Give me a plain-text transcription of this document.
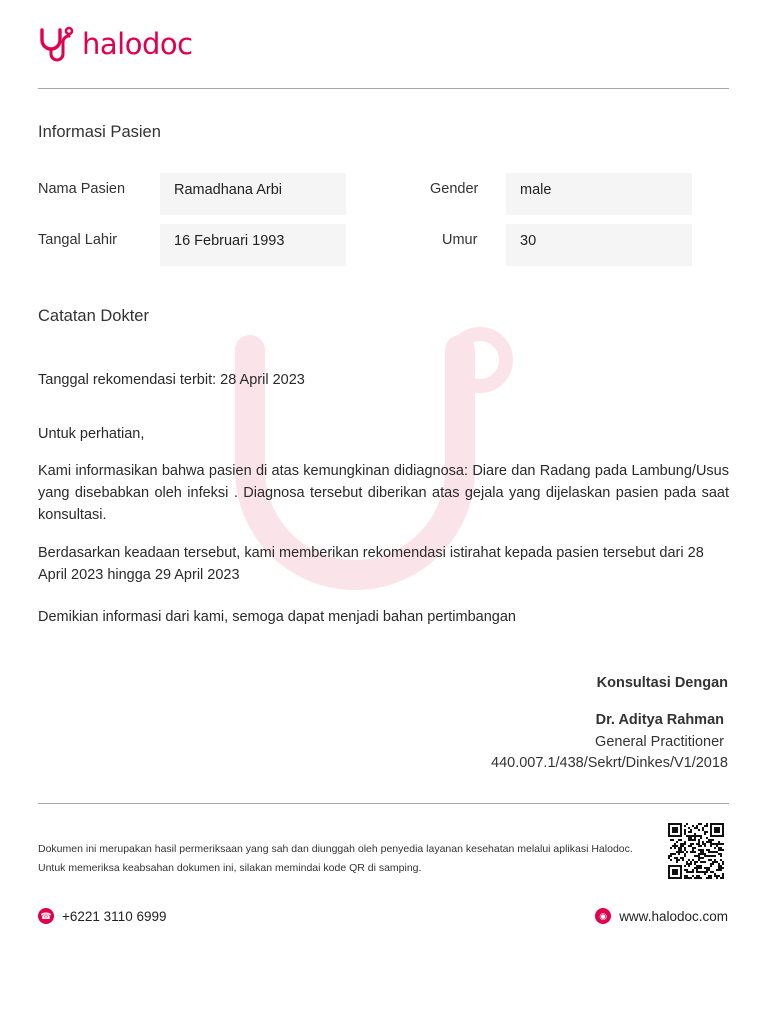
halodoc
Informasi Pasien
Nama Pasien	Ramadhana Arbi	Gender	male
Tangal Lahir	16 Februari 1993	Umur	30
Catatan Dokter
Tanggal rekomendasi terbit: 28 April 2023
Untuk perhatian,
Kami informasikan bahwa pasien di atas kemungkinan didiagnosa: Diare dan Radang pada Lambung/Usus yang disebabkan oleh infeksi . Diagnosa tersebut diberikan atas gejala yang dijelaskan pasien pada saat konsultasi.
Berdasarkan keadaan tersebut, kami memberikan rekomendasi istirahat kepada pasien tersebut dari 28 April 2023 hingga 29 April 2023
Demikian informasi dari kami, semoga dapat menjadi bahan pertimbangan
Konsultasi Dengan
Dr. Aditya Rahman
General Practitioner
440.007.1/438/Sekrt/Dinkes/V1/2018
Dokumen ini merupakan hasil permeriksaan yang sah dan diunggah oleh penyedia layanan kesehatan melalui aplikasi Halodoc. Untuk memeriksa keabsahan dokumen ini, silakan memindai kode QR di samping.
☎ +6221 3110 6999	◉ www.halodoc.com
